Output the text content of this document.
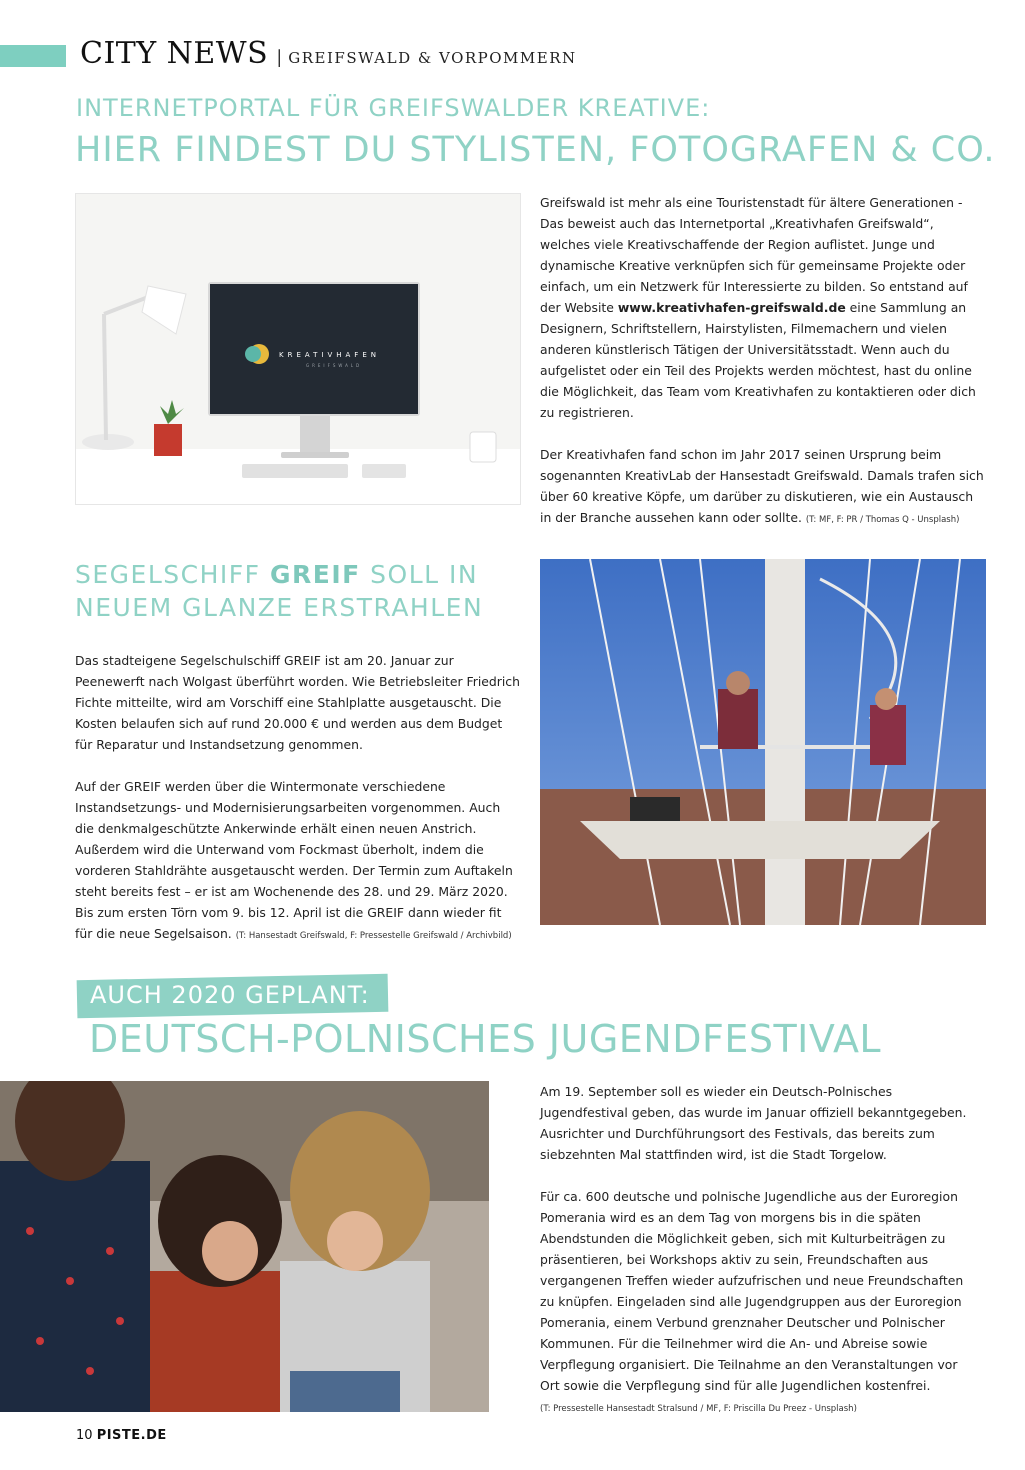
CITY NEWS | GREIFSWALD & VORPOMMERN
INTERNETPORTAL FÜR GREIFSWALDER KREATIVE:
HIER FINDEST DU STYLISTEN, FOTOGRAFEN & CO.
KREATIVHAFEN
GREIFSWALD

Greifswald ist mehr als eine Touristenstadt für ältere Generationen - Das beweist auch das Internetportal „Kreativhafen Greifswald“, welches viele Kreativschaffende der Region auflistet. Junge und dynamische Kreative verknüpfen sich für gemeinsame Projekte oder einfach, um ein Netzwerk für Interessierte zu bilden. So entstand auf der Website www.kreativhafen-greifswald.de eine Sammlung an Designern, Schriftstellern, Hairstylisten, Filmemachern und vielen anderen künstlerisch Tätigen der Universitätsstadt. Wenn auch du aufgelistet oder ein Teil des Projekts werden möchtest, hast du online die Möglichkeit, das Team vom Kreativhafen zu kontaktieren oder dich zu registrieren.

Der Kreativhafen fand schon im Jahr 2017 seinen Ursprung beim sogenannten KreativLab der Hansestadt Greifswald. Damals trafen sich über 60 kreative Köpfe, um darüber zu diskutieren, wie ein Austausch in der Branche aussehen kann oder sollte. (T: MF, F: PR / Thomas Q - Unsplash)

SEGELSCHIFF GREIF SOLL IN
NEUEM GLANZE ERSTRAHLEN

Das stadteigene Segelschulschiff GREIF ist am 20. Januar zur Peenewerft nach Wolgast überführt worden. Wie Betriebsleiter Friedrich Fichte mitteilte, wird am Vorschiff eine Stahlplatte ausgetauscht. Die Kosten belaufen sich auf rund 20.000 € und werden aus dem Budget für Reparatur und Instandsetzung genommen.

Auf der GREIF werden über die Wintermonate verschiedene Instandsetzungs- und Modernisierungsarbeiten vorgenommen. Auch die denkmalgeschützte Ankerwinde erhält einen neuen Anstrich. Außerdem wird die Unterwand vom Fockmast überholt, indem die vorderen Stahldrähte ausgetauscht werden. Der Termin zum Auftakeln steht bereits fest – er ist am Wochenende des 28. und 29. März 2020. Bis zum ersten Törn vom 9. bis 12. April ist die GREIF dann wieder fit für die neue Segelsaison. (T: Hansestadt Greifswald, F: Pressestelle Greifswald / Archivbild)

AUCH 2020 GEPLANT:
DEUTSCH-POLNISCHES JUGENDFESTIVAL

Am 19. September soll es wieder ein Deutsch-Polnisches Jugendfestival geben, das wurde im Januar offiziell bekanntgegeben. Ausrichter und Durchführungsort des Festivals, das bereits zum siebzehnten Mal stattfinden wird, ist die Stadt Torgelow.

Für ca. 600 deutsche und polnische Jugendliche aus der Euroregion Pomerania wird es an dem Tag von morgens bis in die späten Abendstunden die Möglichkeit geben, sich mit Kulturbeiträgen zu präsentieren, bei Workshops aktiv zu sein, Freundschaften aus vergangenen Treffen wieder aufzufrischen und neue Freundschaften zu knüpfen. Eingeladen sind alle Jugendgruppen aus der Euroregion Pomerania, einem Verbund grenznaher Deutscher und Polnischer Kommunen. Für die Teilnehmer wird die An- und Abreise sowie Verpflegung organisiert. Die Teilnahme an den Veranstaltungen vor Ort sowie die Verpflegung sind für alle Jugendlichen kostenfrei.
(T: Pressestelle Hansestadt Stralsund / MF, F: Priscilla Du Preez - Unsplash)

10 PISTE.DE
